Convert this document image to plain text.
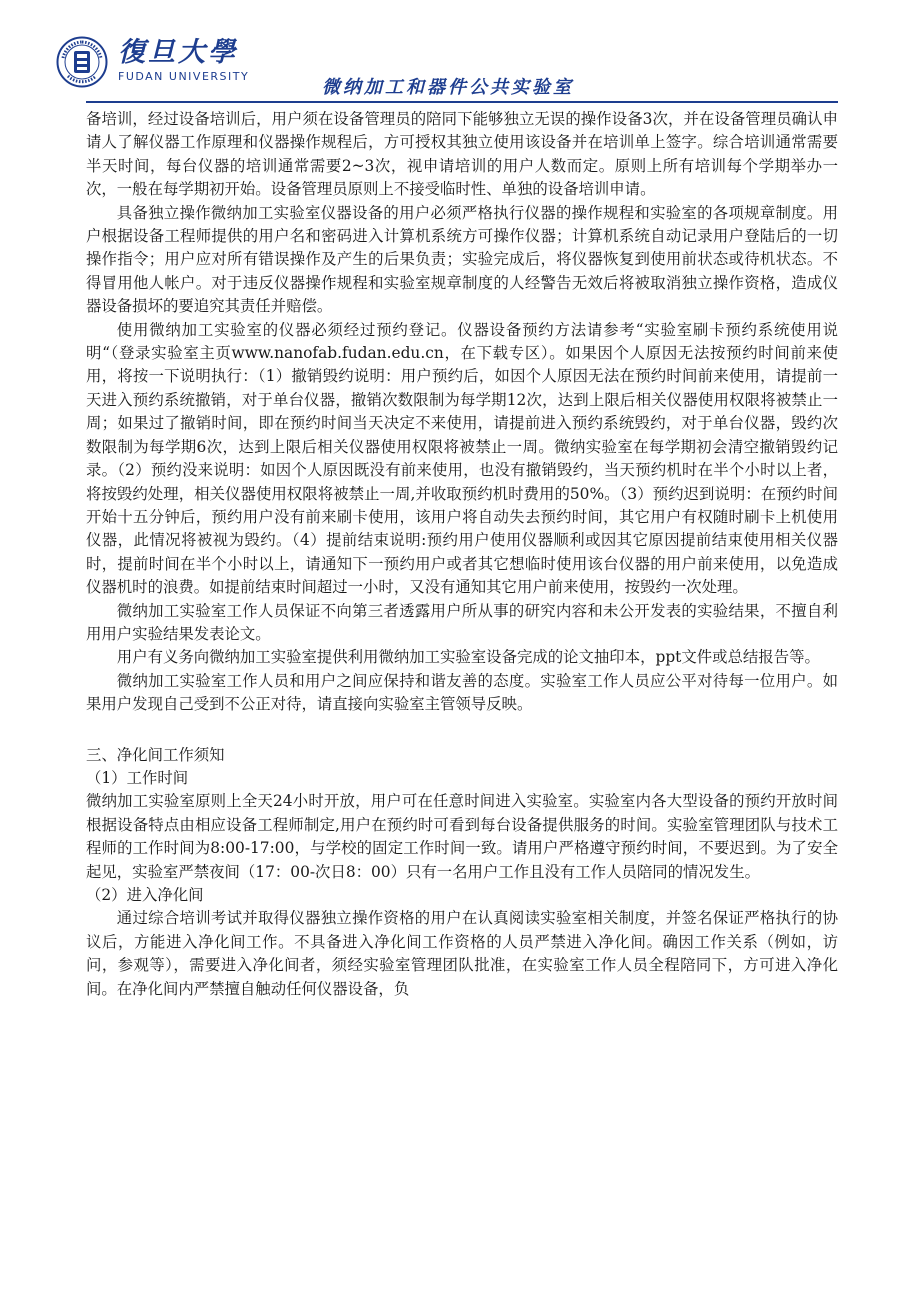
復旦大學
FUDAN UNIVERSITY
微纳加工和器件公共实验室

备培训，经过设备培训后，用户须在设备管理员的陪同下能够独立无误的操作设备3次，并在设备管理员确认申请人了解仪器工作原理和仪器操作规程后，方可授权其独立使用该设备并在培训单上签字。综合培训通常需要半天时间，每台仪器的培训通常需要2~3次，视申请培训的用户人数而定。原则上所有培训每个学期举办一次，一般在每学期初开始。设备管理员原则上不接受临时性、单独的设备培训申请。

具备独立操作微纳加工实验室仪器设备的用户必须严格执行仪器的操作规程和实验室的各项规章制度。用户根据设备工程师提供的用户名和密码进入计算机系统方可操作仪器；计算机系统自动记录用户登陆后的一切操作指令；用户应对所有错误操作及产生的后果负责；实验完成后，将仪器恢复到使用前状态或待机状态。不得冒用他人帐户。对于违反仪器操作规程和实验室规章制度的人经警告无效后将被取消独立操作资格，造成仪器设备损坏的要追究其责任并赔偿。

使用微纳加工实验室的仪器必须经过预约登记。仪器设备预约方法请参考“实验室刷卡预约系统使用说明“（登录实验室主页www.nanofab.fudan.edu.cn，在下载专区）。如果因个人原因无法按预约时间前来使用，将按一下说明执行：（1）撤销毁约说明：用户预约后，如因个人原因无法在预约时间前来使用，请提前一天进入预约系统撤销，对于单台仪器，撤销次数限制为每学期12次，达到上限后相关仪器使用权限将被禁止一周；如果过了撤销时间，即在预约时间当天决定不来使用，请提前进入预约系统毁约，对于单台仪器，毁约次数限制为每学期6次，达到上限后相关仪器使用权限将被禁止一周。微纳实验室在每学期初会清空撤销毁约记录。（2）预约没来说明：如因个人原因既没有前来使用，也没有撤销毁约，当天预约机时在半个小时以上者，将按毁约处理，相关仪器使用权限将被禁止一周,并收取预约机时费用的50%。（3）预约迟到说明：在预约时间开始十五分钟后，预约用户没有前来刷卡使用，该用户将自动失去预约时间，其它用户有权随时刷卡上机使用仪器，此情况将被视为毁约。（4）提前结束说明:预约用户使用仪器顺利或因其它原因提前结束使用相关仪器时，提前时间在半个小时以上，请通知下一预约用户或者其它想临时使用该台仪器的用户前来使用，以免造成仪器机时的浪费。如提前结束时间超过一小时，又没有通知其它用户前来使用，按毁约一次处理。

微纳加工实验室工作人员保证不向第三者透露用户所从事的研究内容和未公开发表的实验结果，不擅自利用用户实验结果发表论文。

用户有义务向微纳加工实验室提供利用微纳加工实验室设备完成的论文抽印本，ppt文件或总结报告等。

微纳加工实验室工作人员和用户之间应保持和谐友善的态度。实验室工作人员应公平对待每一位用户。如果用户发现自己受到不公正对待，请直接向实验室主管领导反映。

三、净化间工作须知

（1）工作时间

微纳加工实验室原则上全天24小时开放，用户可在任意时间进入实验室。实验室内各大型设备的预约开放时间根据设备特点由相应设备工程师制定,用户在预约时可看到每台设备提供服务的时间。实验室管理团队与技术工程师的工作时间为8:00-17:00，与学校的固定工作时间一致。请用户严格遵守预约时间，不要迟到。为了安全起见，实验室严禁夜间（17：00-次日8：00）只有一名用户工作且没有工作人员陪同的情况发生。

（2）进入净化间

通过综合培训考试并取得仪器独立操作资格的用户在认真阅读实验室相关制度，并签名保证严格执行的协议后，方能进入净化间工作。不具备进入净化间工作资格的人员严禁进入净化间。确因工作关系（例如，访问，参观等），需要进入净化间者，须经实验室管理团队批准，在实验室工作人员全程陪同下，方可进入净化间。在净化间内严禁擅自触动任何仪器设备，负
